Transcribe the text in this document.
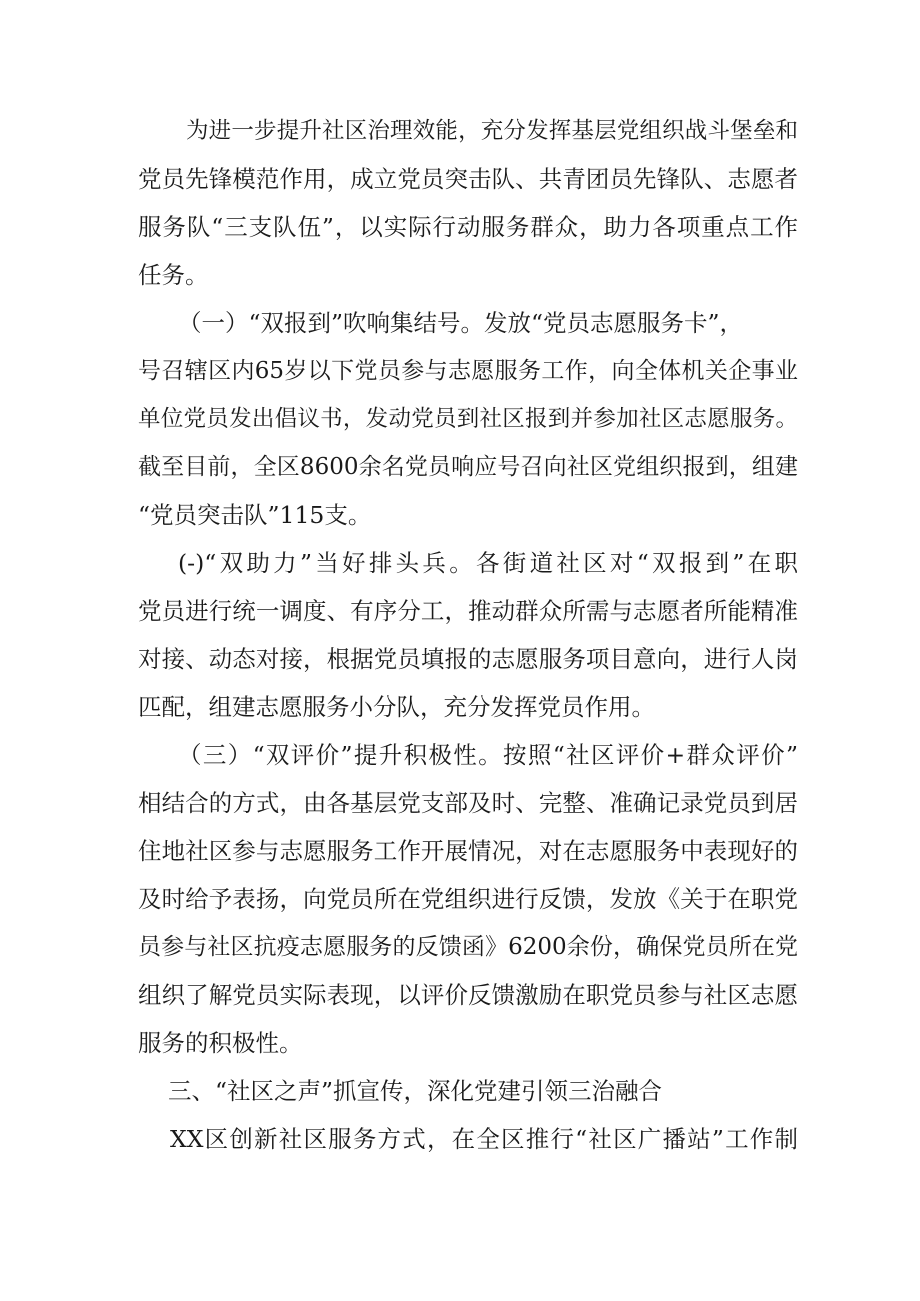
为进一步提升社区治理效能，充分发挥基层党组织战斗堡垒和
党员先锋模范作用，成立党员突击队、共青团员先锋队、志愿者
服务队“三支队伍”，以实际行动服务群众，助力各项重点工作
任务。
（一）“双报到”吹响集结号。发放“党员志愿服务卡”，
号召辖区内65岁以下党员参与志愿服务工作，向全体机关企事业
单位党员发出倡议书，发动党员到社区报到并参加社区志愿服务。
截至目前，全区8600余名党员响应号召向社区党组织报到，组建
“党员突击队”115支。
(-)“双助力”当好排头兵。各街道社区对“双报到”在职
党员进行统一调度、有序分工，推动群众所需与志愿者所能精准
对接、动态对接，根据党员填报的志愿服务项目意向，进行人岗
匹配，组建志愿服务小分队，充分发挥党员作用。
（三）“双评价”提升积极性。按照“社区评价+群众评价”
相结合的方式，由各基层党支部及时、完整、准确记录党员到居
住地社区参与志愿服务工作开展情况，对在志愿服务中表现好的
及时给予表扬，向党员所在党组织进行反馈，发放《关于在职党
员参与社区抗疫志愿服务的反馈函》6200余份，确保党员所在党
组织了解党员实际表现，以评价反馈激励在职党员参与社区志愿
服务的积极性。
三、“社区之声”抓宣传，深化党建引领三治融合
XX区创新社区服务方式，在全区推行“社区广播站”工作制
